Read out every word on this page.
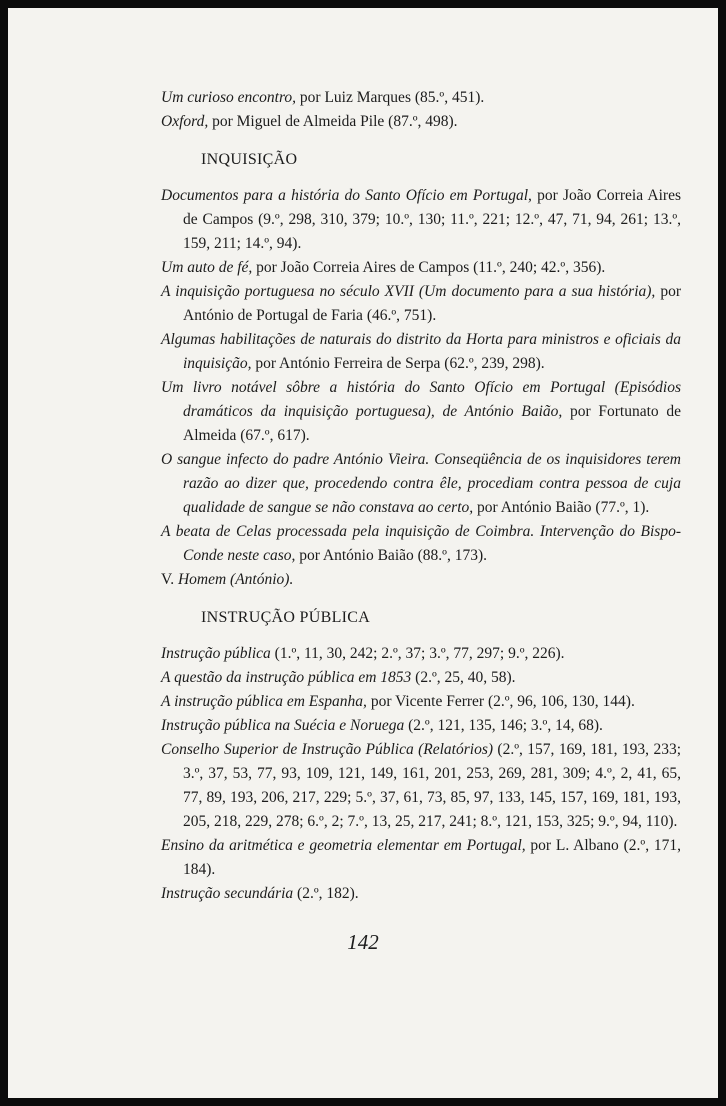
Um curioso encontro, por Luiz Marques (85.º, 451).

Oxford, por Miguel de Almeida Pile (87.º, 498).

INQUISIÇÃO

Documentos para a história do Santo Ofício em Portugal, por João Correia Aires de Campos (9.º, 298, 310, 379; 10.º, 130; 11.º, 221; 12.º, 47, 71, 94, 261; 13.º, 159, 211; 14.º, 94).

Um auto de fé, por João Correia Aires de Campos (11.º, 240; 42.º, 356).

A inquisição portuguesa no século XVII (Um documento para a sua história), por António de Portugal de Faria (46.º, 751).

Algumas habilitações de naturais do distrito da Horta para ministros e oficiais da inquisição, por António Ferreira de Serpa (62.º, 239, 298).

Um livro notável sôbre a história do Santo Ofício em Portugal (Episódios dramáticos da inquisição portuguesa), de António Baião, por Fortunato de Almeida (67.º, 617).

O sangue infecto do padre António Vieira. Conseqüência de os inquisidores terem razão ao dizer que, procedendo contra êle, procediam contra pessoa de cuja qualidade de sangue se não constava ao certo, por António Baião (77.º, 1).

A beata de Celas processada pela inquisição de Coimbra. Intervenção do Bispo-Conde neste caso, por António Baião (88.º, 173).

V. Homem (António).

INSTRUÇÃO PÚBLICA

Instrução pública (1.º, 11, 30, 242; 2.º, 37; 3.º, 77, 297; 9.º, 226).

A questão da instrução pública em 1853 (2.º, 25, 40, 58).

A instrução pública em Espanha, por Vicente Ferrer (2.º, 96, 106, 130, 144).

Instrução pública na Suécia e Noruega (2.º, 121, 135, 146; 3.º, 14, 68).

Conselho Superior de Instrução Pública (Relatórios) (2.º, 157, 169, 181, 193, 233; 3.º, 37, 53, 77, 93, 109, 121, 149, 161, 201, 253, 269, 281, 309; 4.º, 2, 41, 65, 77, 89, 193, 206, 217, 229; 5.º, 37, 61, 73, 85, 97, 133, 145, 157, 169, 181, 193, 205, 218, 229, 278; 6.º, 2; 7.º, 13, 25, 217, 241; 8.º, 121, 153, 325; 9.º, 94, 110).

Ensino da aritmética e geometria elementar em Portugal, por L. Albano (2.º, 171, 184).

Instrução secundária (2.º, 182).

142
